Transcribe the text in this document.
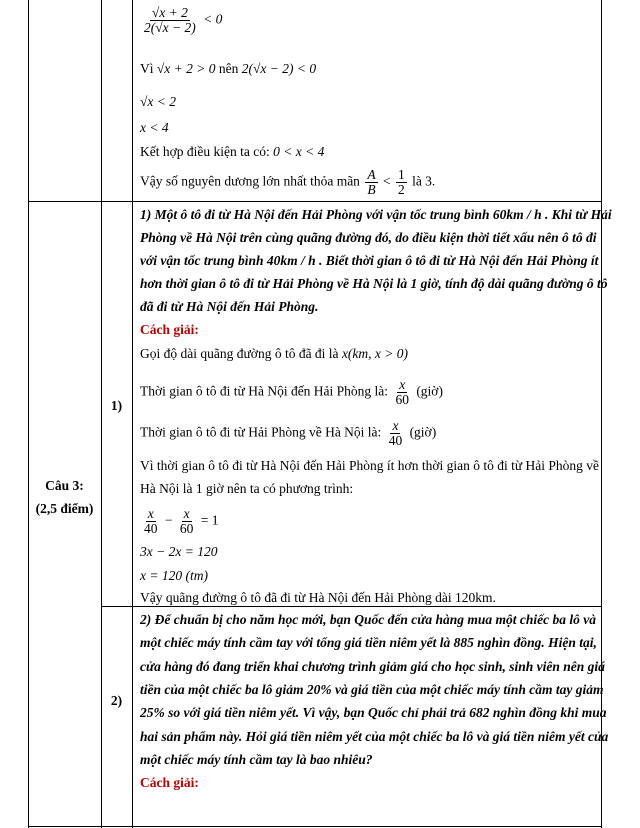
$\frac{√x + 2}{2(√x - 2)} < 0$
Vì √x + 2 > 0 nên 2(√x − 2) < 0
√x < 2
x < 4
Kết hợp điều kiện ta có: 0 < x < 4
Vậy số nguyên dương lớn nhất thỏa mãn $\frac{A}{B} < \frac{1}{2}$ là 3.
Câu 3:
(2,5 điểm)
1)
2)
1) Một ô tô đi từ Hà Nội đến Hải Phòng với vận tốc trung bình 60km / h . Khi từ Hải
Phòng về Hà Nội trên cùng quãng đường đó, do điều kiện thời tiết xấu nên ô tô đi
với vận tốc trung bình 40km / h . Biết thời gian ô tô đi từ Hà Nội đến Hải Phòng ít
hơn thời gian ô tô đi từ Hải Phòng về Hà Nội là 1 giờ, tính độ dài quãng đường ô tô
đã đi từ Hà Nội đến Hải Phòng.
Cách giải:
Gọi độ dài quãng đường ô tô đã đi là x(km, x > 0)
Thời gian ô tô đi từ Hà Nội đến Hải Phòng là: $\frac{x}{60}$ (giờ)
Thời gian ô tô đi từ Hải Phòng về Hà Nội là: $\frac{x}{40}$ (giờ)
Vì thời gian ô tô đi từ Hà Nội đến Hải Phòng ít hơn thời gian ô tô đi từ Hải Phòng về
Hà Nội là 1 giờ nên ta có phương trình:
$\frac{x}{40} - \frac{x}{60} = 1$
3x − 2x = 120
x = 120 (tm)
Vậy quãng đường ô tô đã đi từ Hà Nội đến Hải Phòng dài 120km.
2) Để chuẩn bị cho năm học mới, bạn Quốc đến cửa hàng mua một chiếc ba lô và
một chiếc máy tính cầm tay với tổng giá tiền niêm yết là 885 nghìn đồng. Hiện tại,
cửa hàng đó đang triển khai chương trình giảm giá cho học sinh, sinh viên nên giá
tiền của một chiếc ba lô giảm 20% và giá tiền của một chiếc máy tính cầm tay giảm
25% so với giá tiền niêm yết. Vì vậy, bạn Quốc chỉ phải trả 682 nghìn đồng khi mua
hai sản phẩm này. Hỏi giá tiền niêm yết của một chiếc ba lô và giá tiền niêm yết của
một chiếc máy tính cầm tay là bao nhiêu?
Cách giải:
